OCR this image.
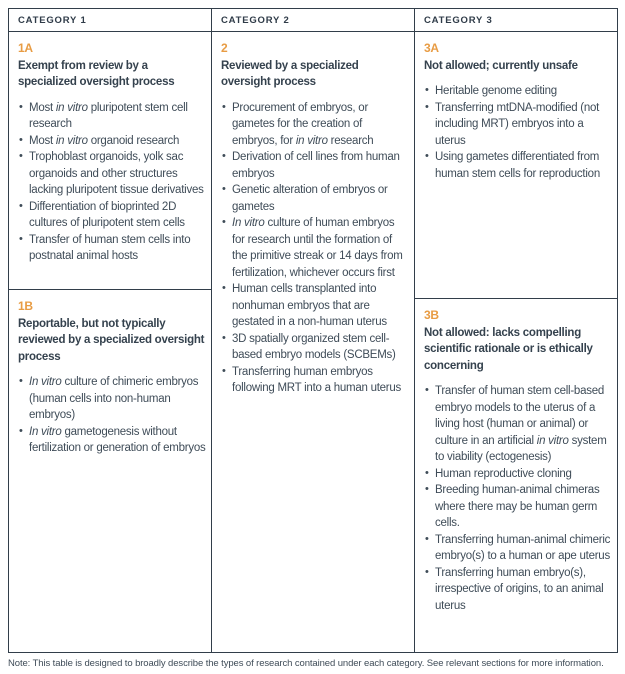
CATEGORY 1
1A
Exempt from review by a specialized oversight process
• Most in vitro pluripotent stem cell research
• Most in vitro organoid research
• Trophoblast organoids, yolk sac organoids and other structures lacking pluripotent tissue derivatives
• Differentiation of bioprinted 2D cultures of pluripotent stem cells
• Transfer of human stem cells into postnatal animal hosts
1B
Reportable, but not typically reviewed by a specialized oversight process
• In vitro culture of chimeric embryos (human cells into non-human embryos)
• In vitro gametogenesis without fertilization or generation of embryos
CATEGORY 2
2
Reviewed by a specialized oversight process
• Procurement of embryos, or gametes for the creation of embryos, for in vitro research
• Derivation of cell lines from human embryos
• Genetic alteration of embryos or gametes
• In vitro culture of human embryos for research until the formation of the primitive streak or 14 days from fertilization, whichever occurs first
• Human cells transplanted into nonhuman embryos that are gestated in a non-human uterus
• 3D spatially organized stem cell-based embryo models (SCBEMs)
• Transferring human embryos following MRT into a human uterus
CATEGORY 3
3A
Not allowed; currently unsafe
• Heritable genome editing
• Transferring mtDNA-modified (not including MRT) embryos into a uterus
• Using gametes differentiated from human stem cells for reproduction
3B
Not allowed: lacks compelling scientific rationale or is ethically concerning
• Transfer of human stem cell-based embryo models to the uterus of a living host (human or animal) or culture in an artificial in vitro system to viability (ectogenesis)
• Human reproductive cloning
• Breeding human-animal chimeras where there may be human germ cells.
• Transferring human-animal chimeric embryo(s) to a human or ape uterus
• Transferring human embryo(s), irrespective of origins, to an animal uterus
Note: This table is designed to broadly describe the types of research contained under each category. See relevant sections for more information.
